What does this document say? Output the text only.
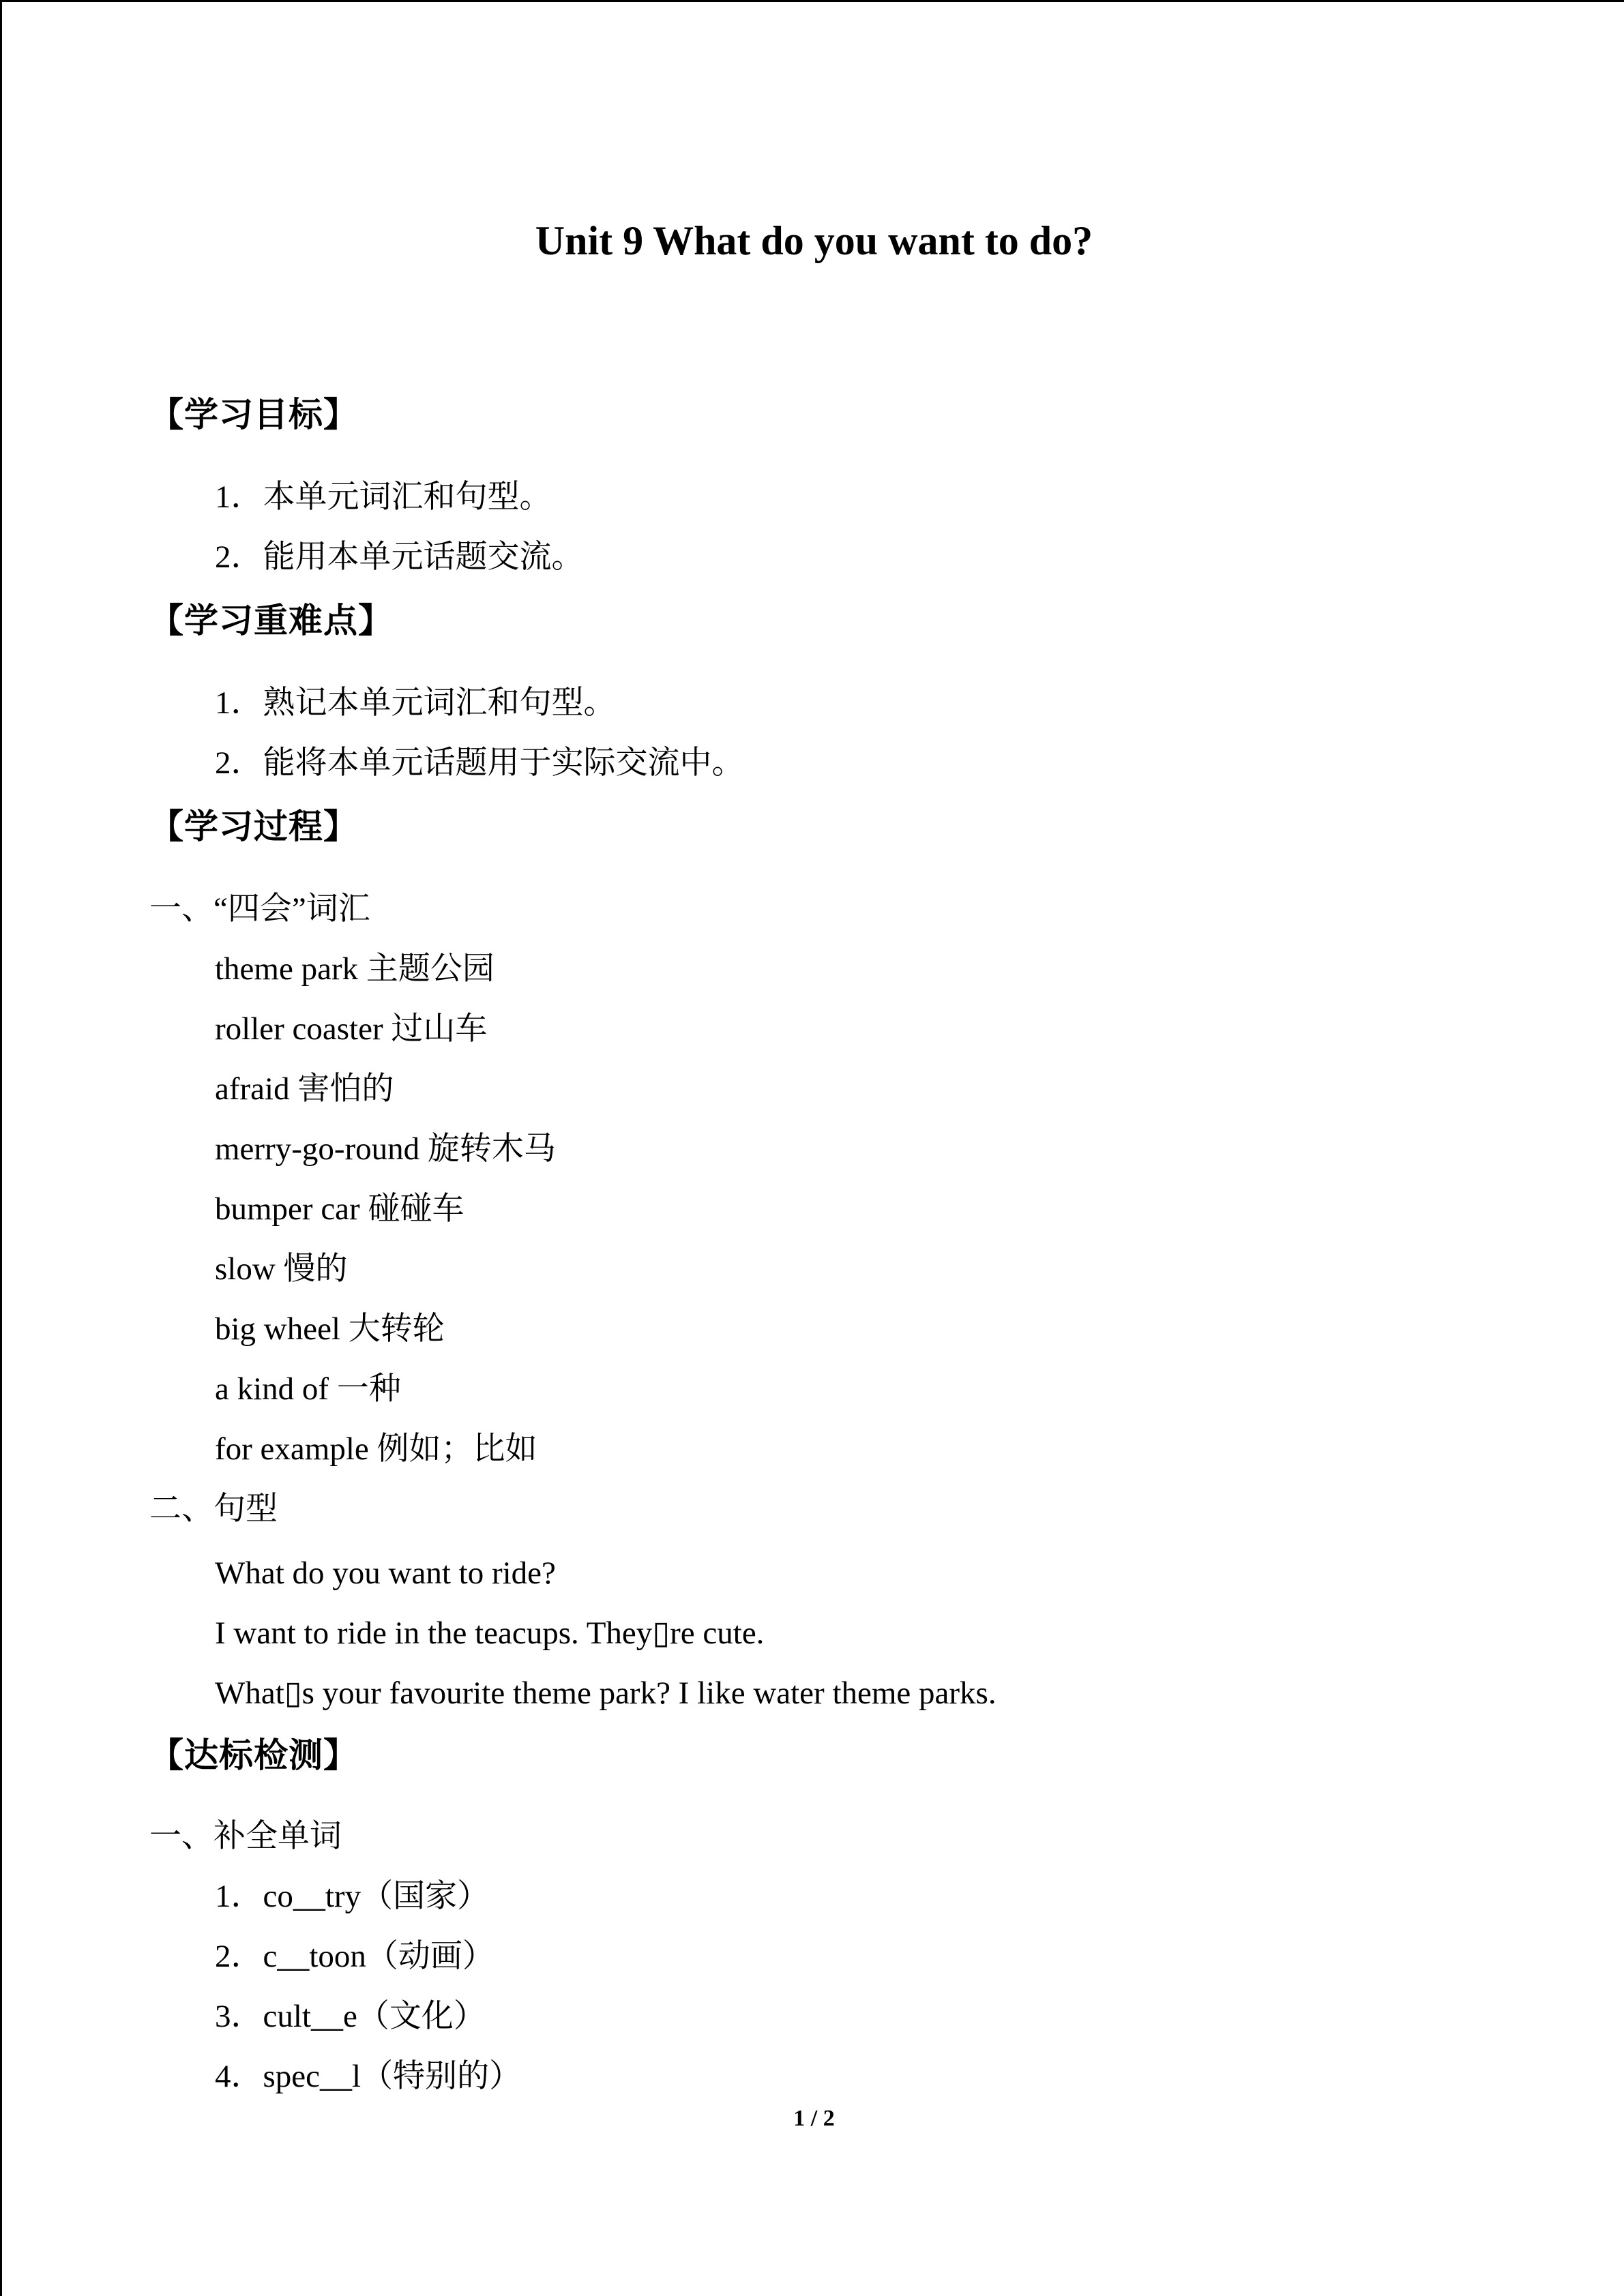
Unit 9 What do you want to do?
【学习目标】
1．本单元词汇和句型。
2．能用本单元话题交流。
【学习重难点】
1．熟记本单元词汇和句型。
2．能将本单元话题用于实际交流中。
【学习过程】
一、“四会”词汇
theme park 主题公园
roller coaster 过山车
afraid 害怕的
merry-go-round 旋转木马
bumper car 碰碰车
slow 慢的
big wheel 大转轮
a kind of 一种
for example 例如；比如
二、句型
What do you want to ride?
I want to ride in the teacups. They▯re cute.
What▯s your favourite theme park? I like water theme parks.
【达标检测】
一、补全单词
1．co__try（国家）
2．c__toon（动画）
3．cult__e（文化）
4．spec__l（特别的）
1 / 2
